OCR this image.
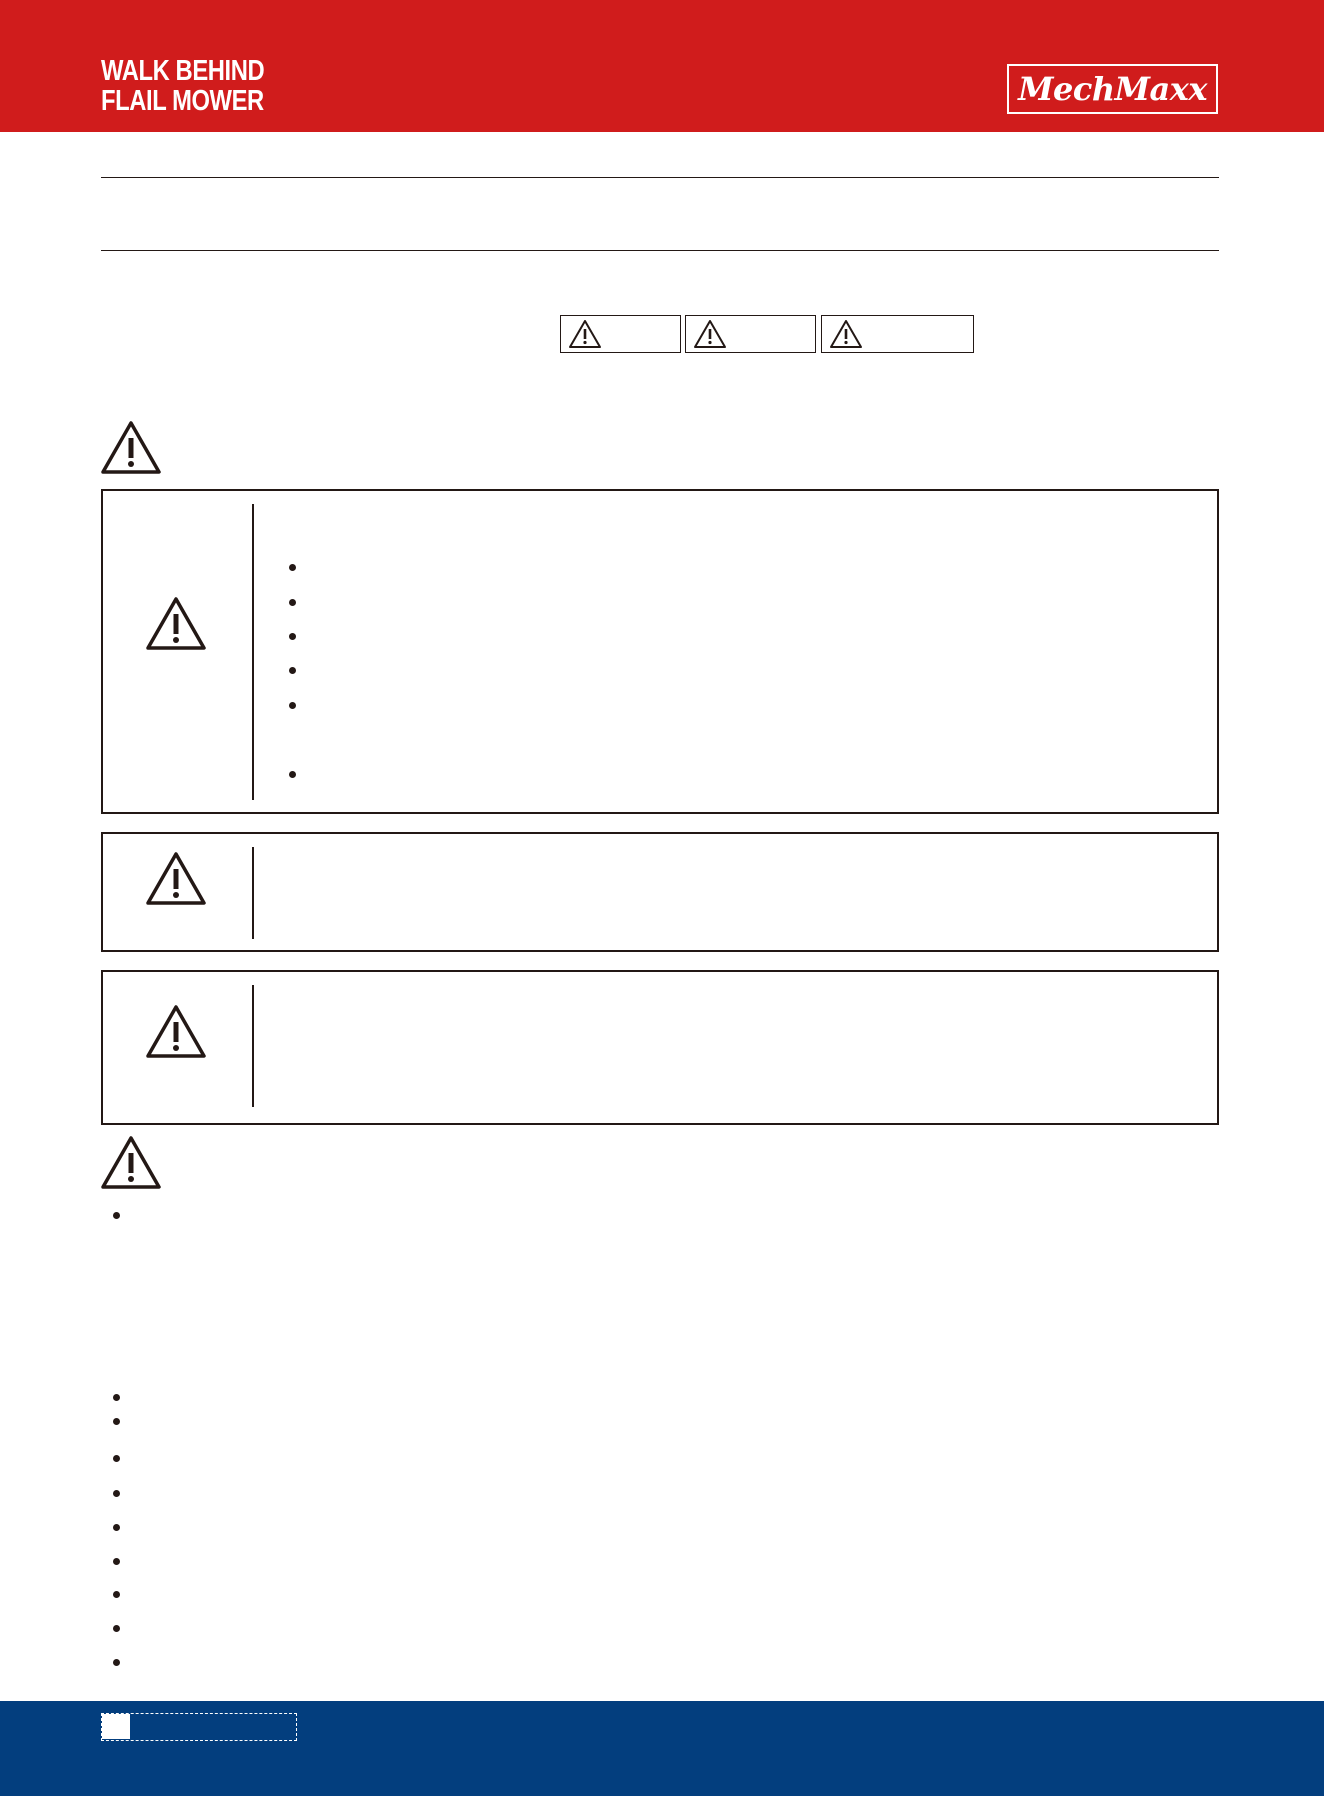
WALK BEHIND
FLAIL MOWER	MechMaxx
